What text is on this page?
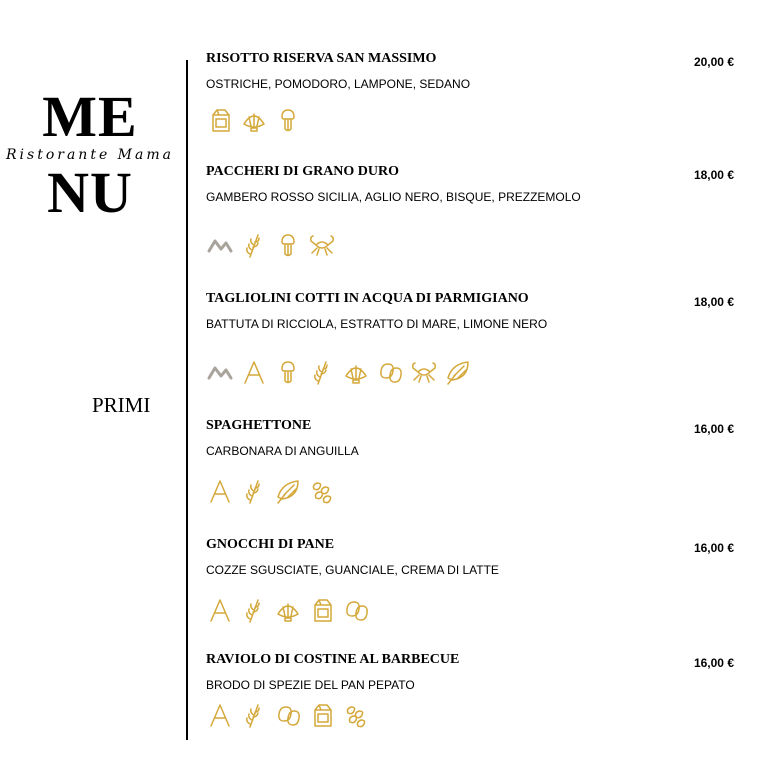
ME
Ristorante Mama
NU
PRIMI
RISOTTO RISERVA SAN MASSIMO
OSTRICHE, POMODORO, LAMPONE, SEDANO
20,00 €
PACCHERI DI GRANO DURO
GAMBERO ROSSO SICILIA, AGLIO NERO, BISQUE, PREZZEMOLO
18,00 €
TAGLIOLINI COTTI IN ACQUA DI PARMIGIANO
BATTUTA DI RICCIOLA, ESTRATTO DI MARE, LIMONE NERO
18,00 €
SPAGHETTONE
CARBONARA DI ANGUILLA
16,00 €
GNOCCHI DI PANE
COZZE SGUSCIATE, GUANCIALE, CREMA DI LATTE
16,00 €
RAVIOLO DI COSTINE AL BARBECUE
BRODO DI SPEZIE DEL PAN PEPATO
16,00 €
